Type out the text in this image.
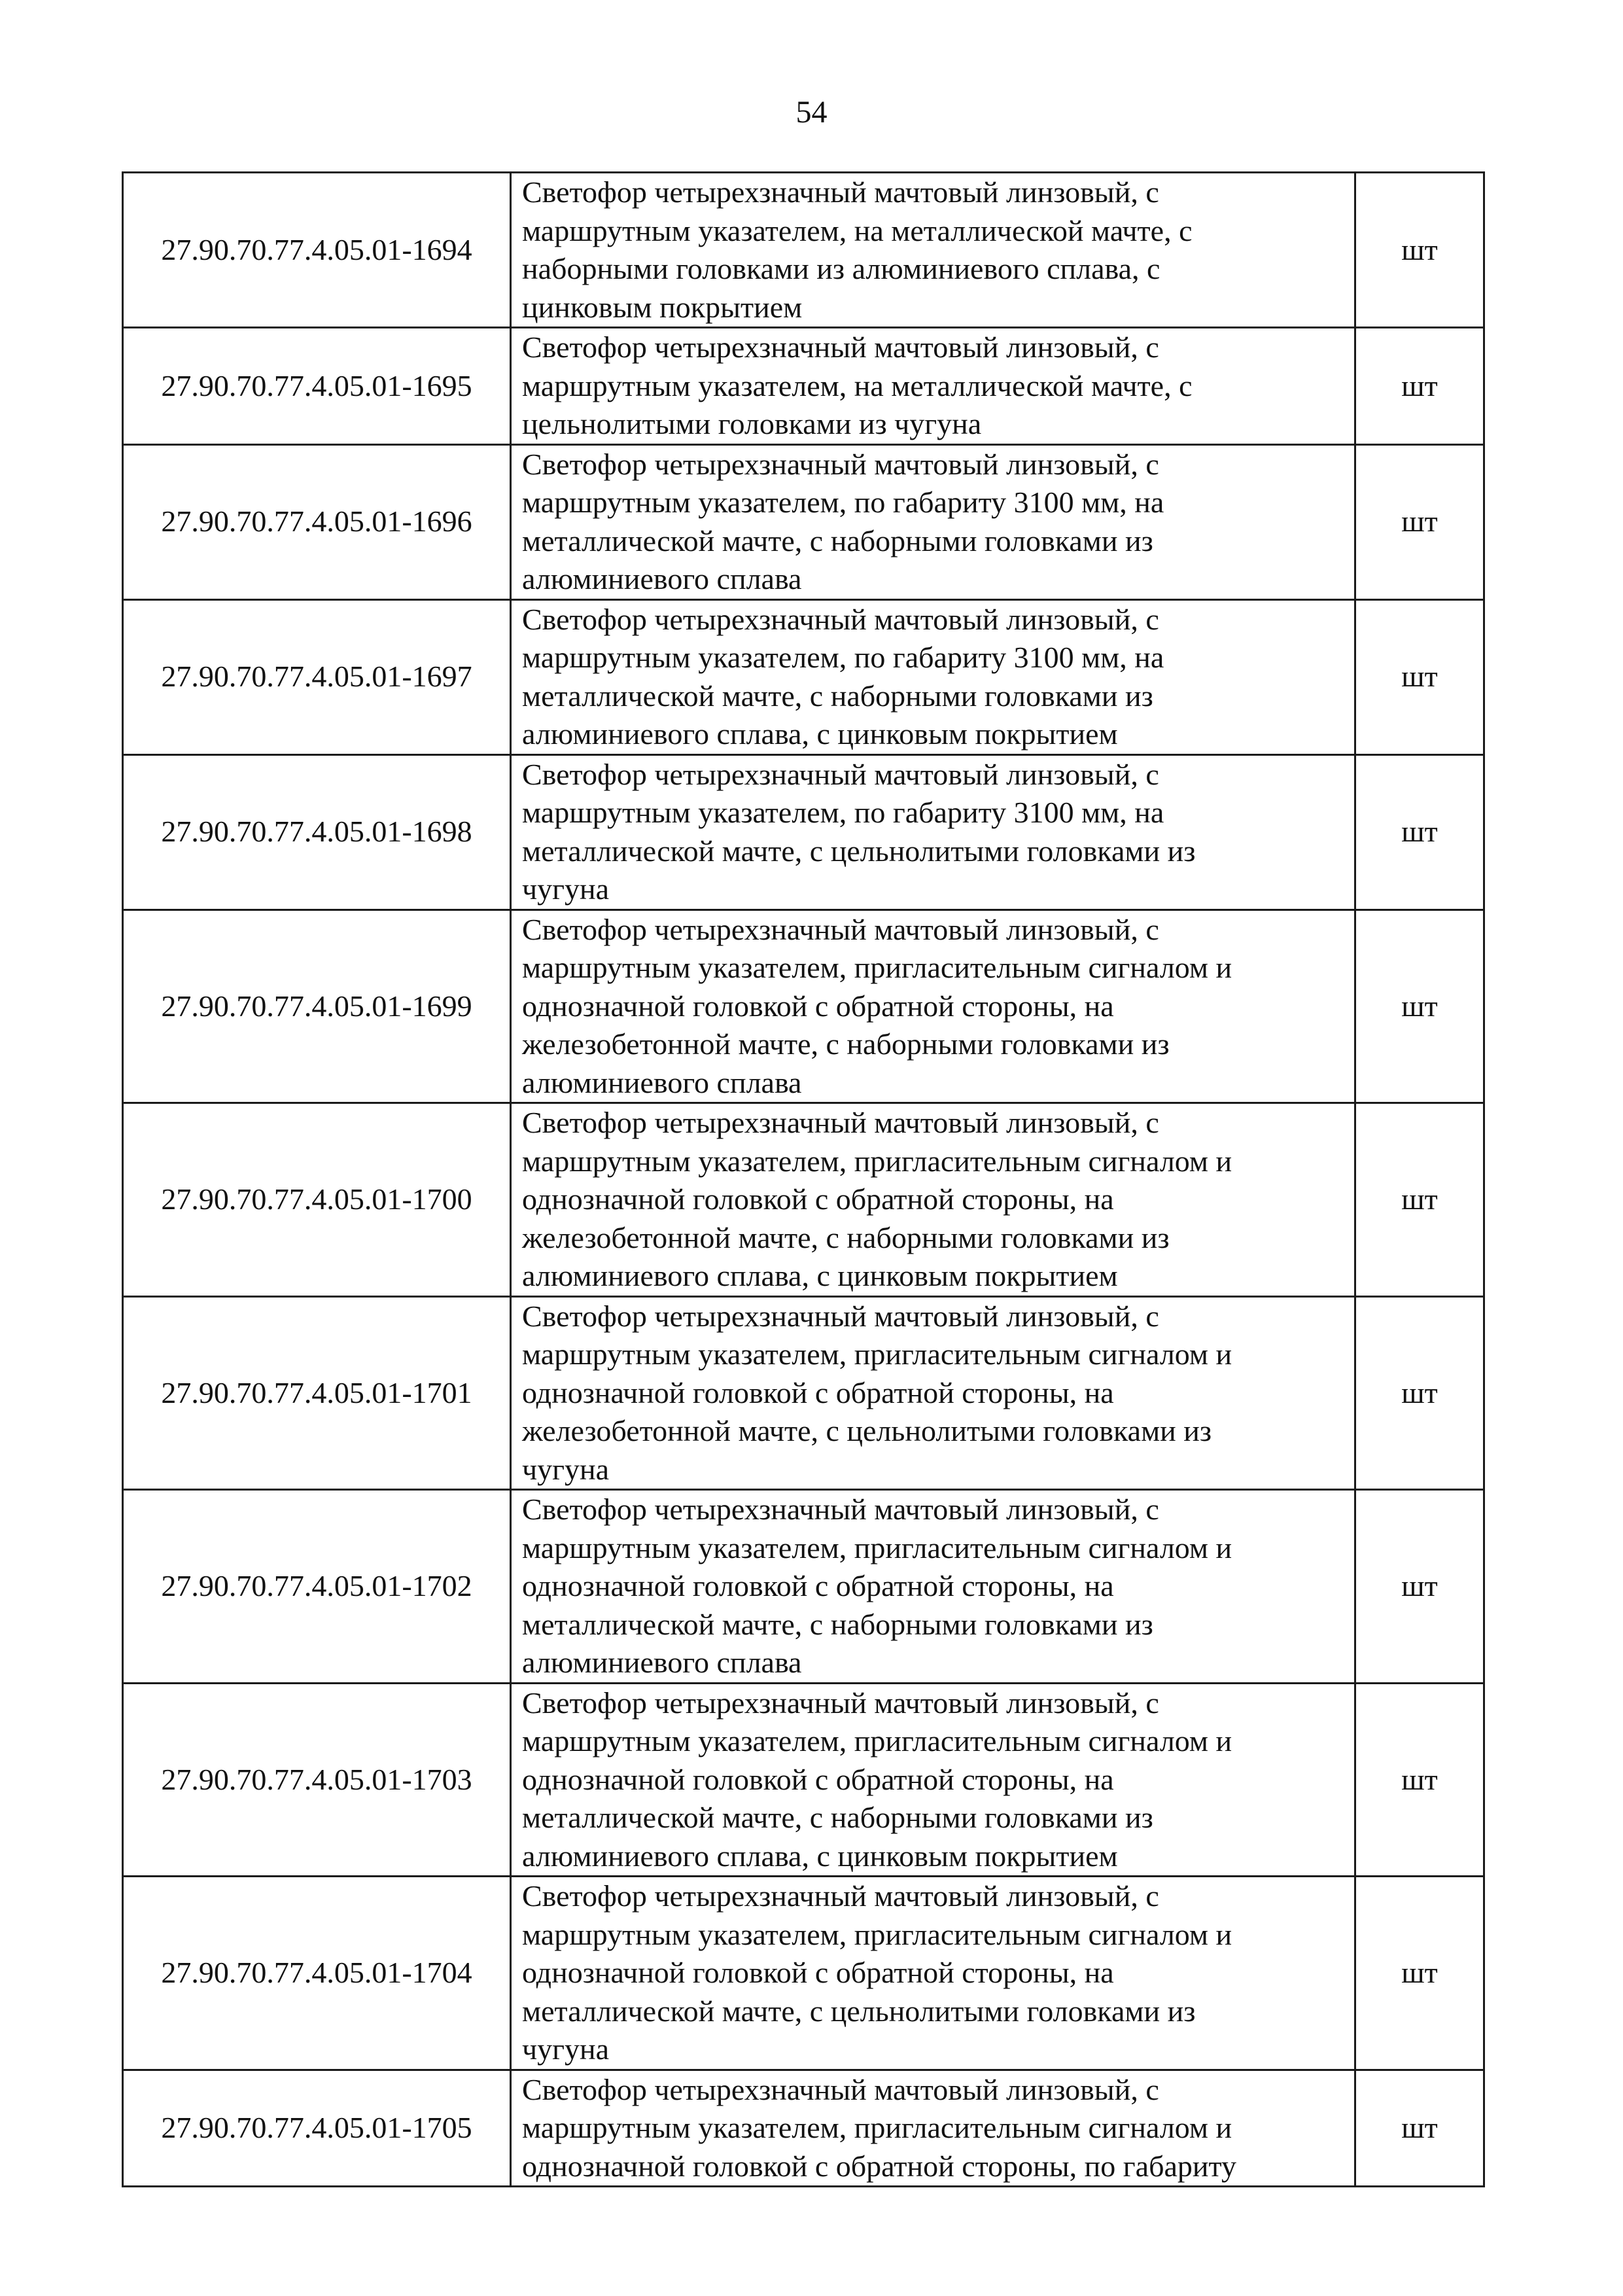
54
27.90.70.77.4.05.01-1694	Светофор четырехзначный мачтовый линзовый, с
маршрутным указателем, на металлической мачте, с
наборными головками из алюминиевого сплава, с
цинковым покрытием	шт
27.90.70.77.4.05.01-1695	Светофор четырехзначный мачтовый линзовый, с
маршрутным указателем, на металлической мачте, с
цельнолитыми головками из чугуна	шт
27.90.70.77.4.05.01-1696	Светофор четырехзначный мачтовый линзовый, с
маршрутным указателем, по габариту 3100 мм, на
металлической мачте, с наборными головками из
алюминиевого сплава	шт
27.90.70.77.4.05.01-1697	Светофор четырехзначный мачтовый линзовый, с
маршрутным указателем, по габариту 3100 мм, на
металлической мачте, с наборными головками из
алюминиевого сплава, с цинковым покрытием	шт
27.90.70.77.4.05.01-1698	Светофор четырехзначный мачтовый линзовый, с
маршрутным указателем, по габариту 3100 мм, на
металлической мачте, с цельнолитыми головками из
чугуна	шт
27.90.70.77.4.05.01-1699	Светофор четырехзначный мачтовый линзовый, с
маршрутным указателем, пригласительным сигналом и
однозначной головкой с обратной стороны, на
железобетонной мачте, с наборными головками из
алюминиевого сплава	шт
27.90.70.77.4.05.01-1700	Светофор четырехзначный мачтовый линзовый, с
маршрутным указателем, пригласительным сигналом и
однозначной головкой с обратной стороны, на
железобетонной мачте, с наборными головками из
алюминиевого сплава, с цинковым покрытием	шт
27.90.70.77.4.05.01-1701	Светофор четырехзначный мачтовый линзовый, с
маршрутным указателем, пригласительным сигналом и
однозначной головкой с обратной стороны, на
железобетонной мачте, с цельнолитыми головками из
чугуна	шт
27.90.70.77.4.05.01-1702	Светофор четырехзначный мачтовый линзовый, с
маршрутным указателем, пригласительным сигналом и
однозначной головкой с обратной стороны, на
металлической мачте, с наборными головками из
алюминиевого сплава	шт
27.90.70.77.4.05.01-1703	Светофор четырехзначный мачтовый линзовый, с
маршрутным указателем, пригласительным сигналом и
однозначной головкой с обратной стороны, на
металлической мачте, с наборными головками из
алюминиевого сплава, с цинковым покрытием	шт
27.90.70.77.4.05.01-1704	Светофор четырехзначный мачтовый линзовый, с
маршрутным указателем, пригласительным сигналом и
однозначной головкой с обратной стороны, на
металлической мачте, с цельнолитыми головками из
чугуна	шт
27.90.70.77.4.05.01-1705	Светофор четырехзначный мачтовый линзовый, с
маршрутным указателем, пригласительным сигналом и
однозначной головкой с обратной стороны, по габариту	шт
